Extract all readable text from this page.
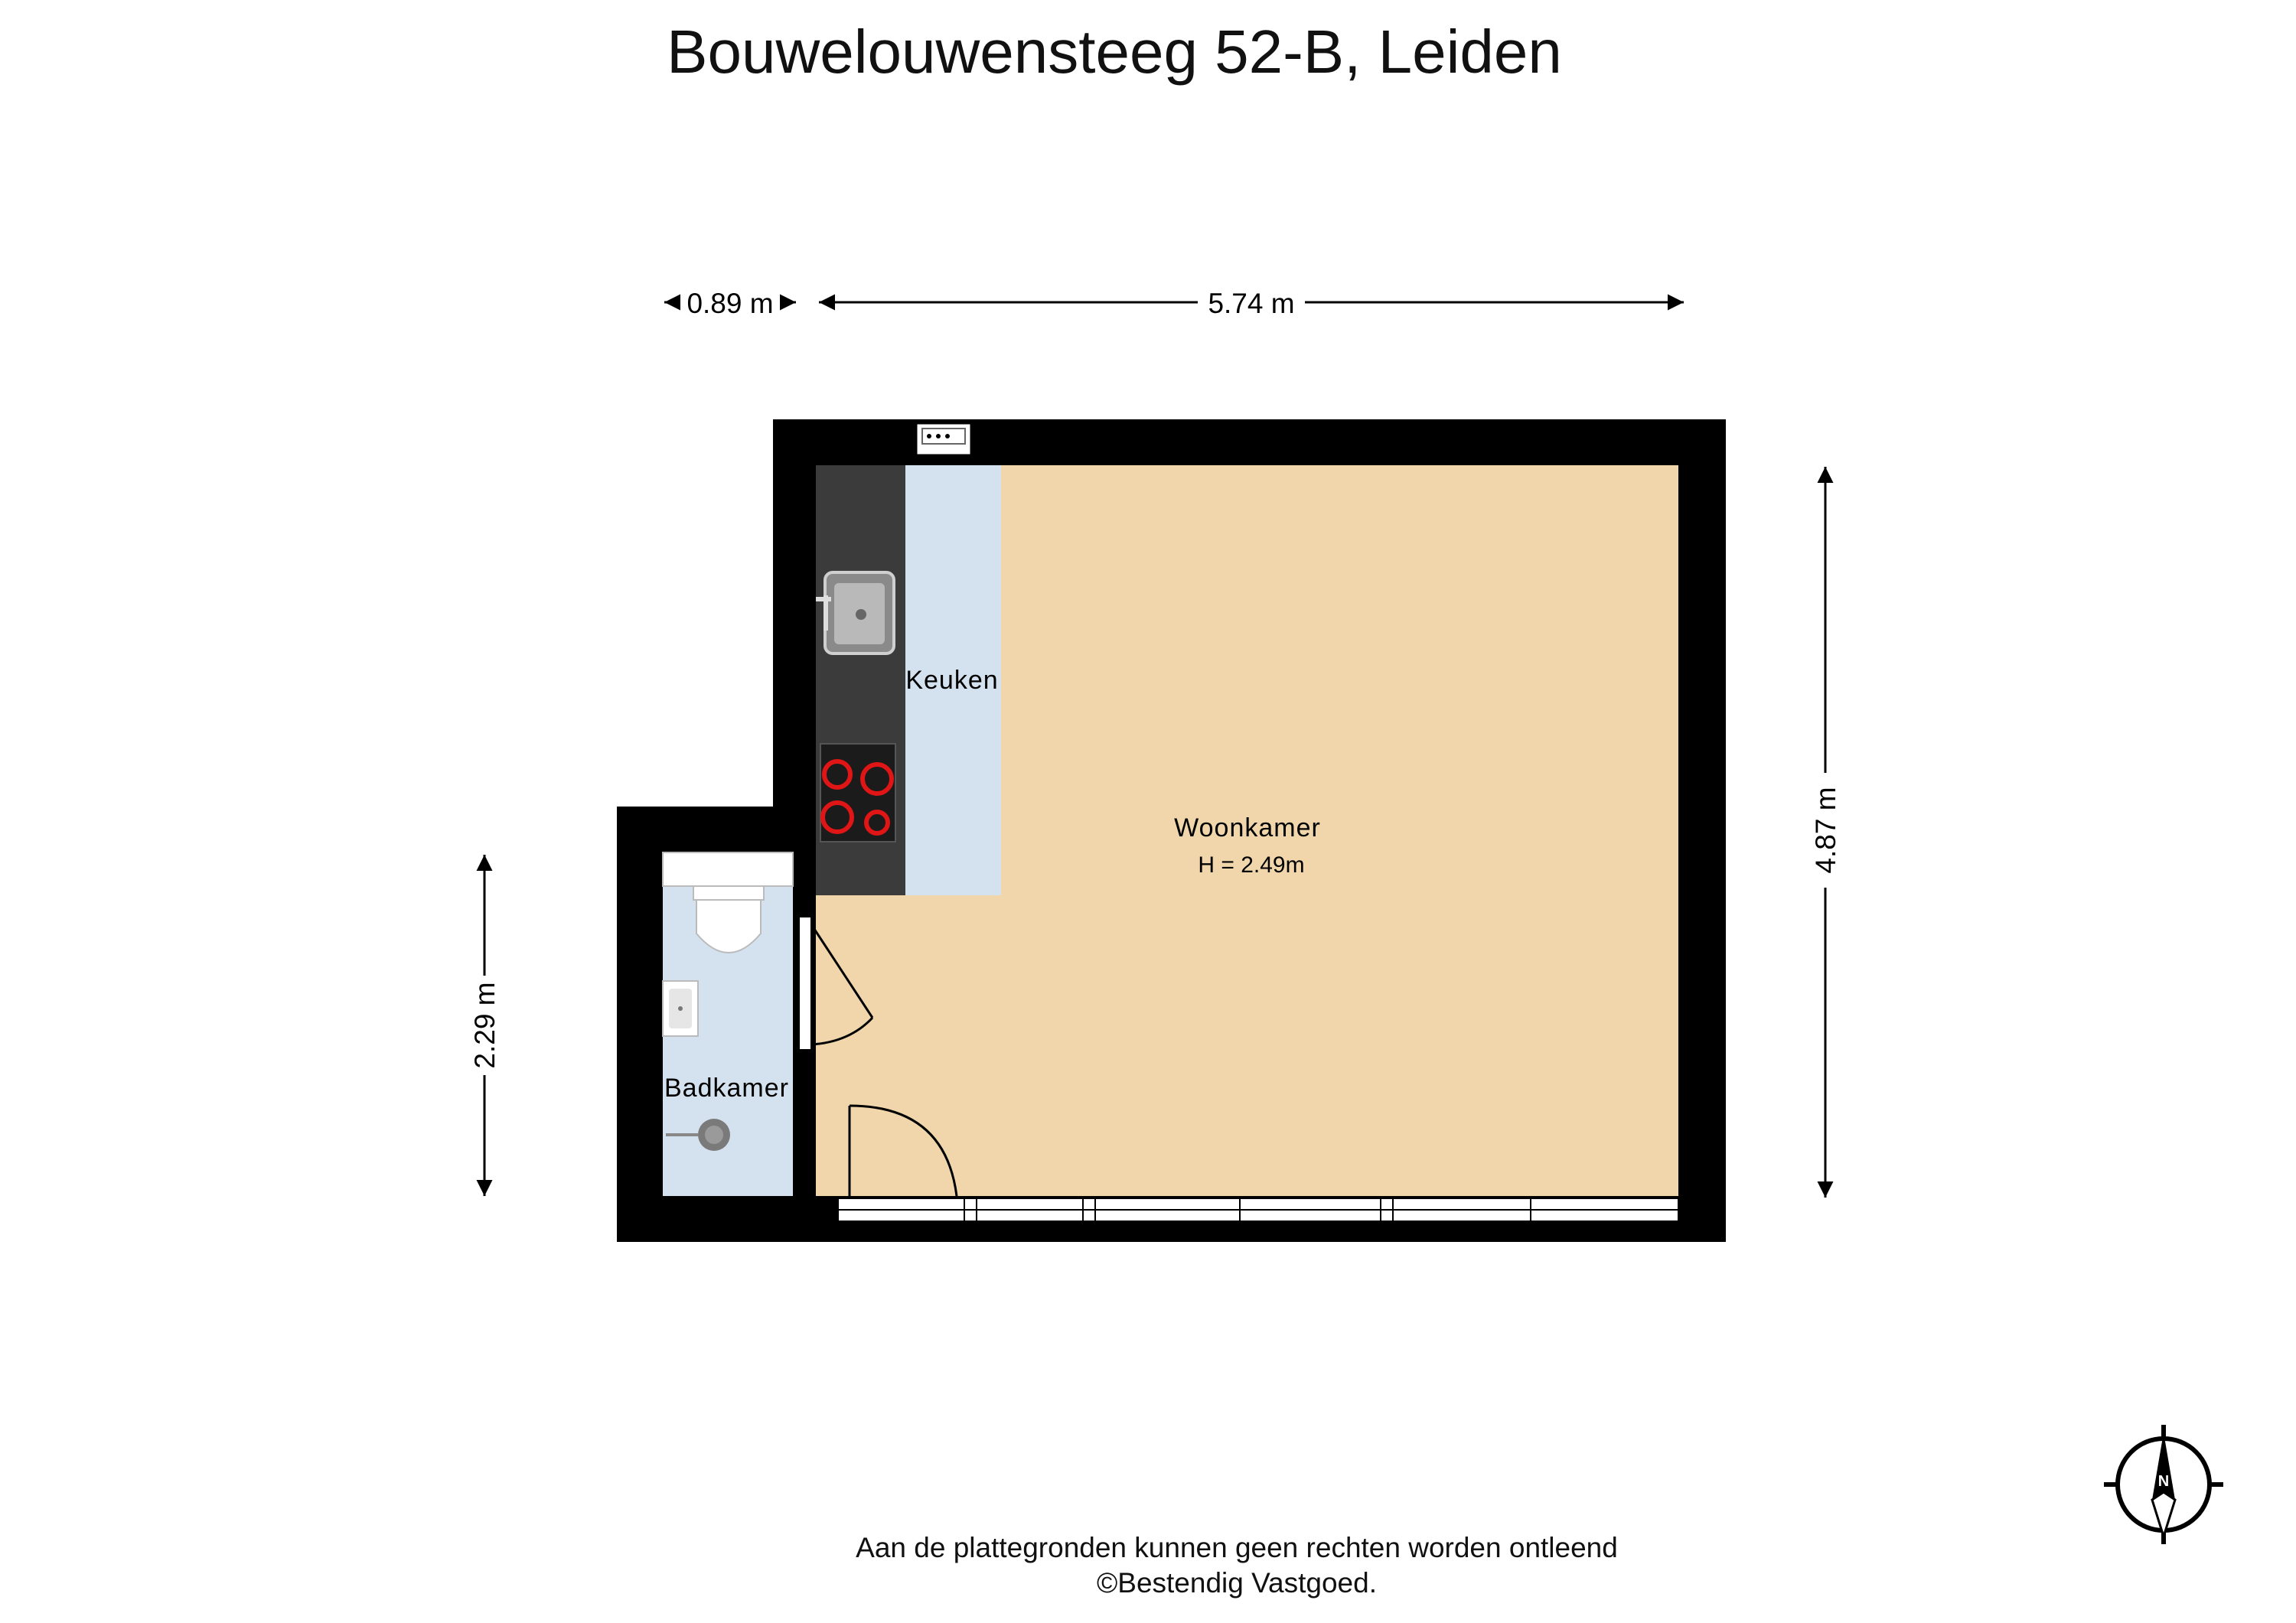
Bouwelouwensteeg 52-B, Leiden
0.89 m	5.74 m
4.87 m
2.29 m
Keuken
Woonkamer
H = 2.49m
Badkamer
N
Aan de plattegronden kunnen geen rechten worden ontleend
©Bestendig Vastgoed.
